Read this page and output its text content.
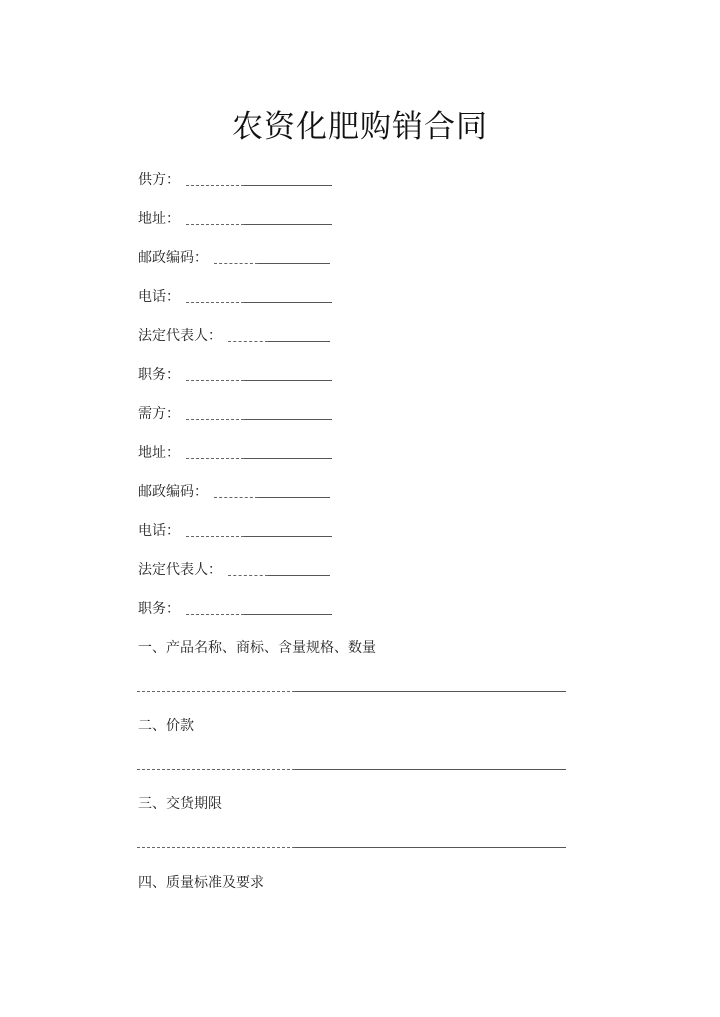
农资化肥购销合同
供方：
地址：
邮政编码：
电话：
法定代表人：
职务：
需方：
地址：
邮政编码：
电话：
法定代表人：
职务：
一、产品名称、商标、含量规格、数量
二、价款
三、交货期限
四、质量标准及要求
